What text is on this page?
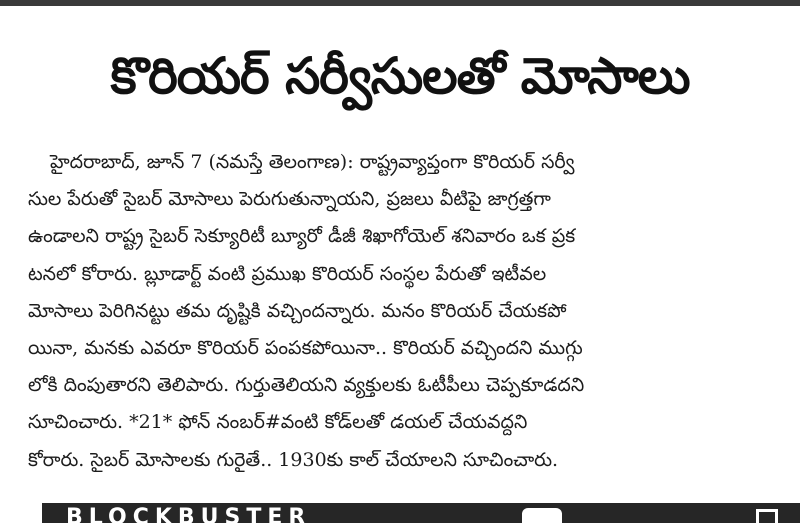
కొరియర్ సర్వీసులతో మోసాలు
హైదరాబాద్, జూన్ 7 (నమస్తే తెలంగాణ): రాష్ట్రవ్యాప్తంగా కొరియర్ సర్వీ
సుల పేరుతో సైబర్ మోసాలు పెరుగుతున్నాయని, ప్రజలు వీటిపై జాగ్రత్తగా
ఉండాలని రాష్ట్ర సైబర్ సెక్యూరిటీ బ్యూరో డీజీ శిఖాగోయెల్ శనివారం ఒక ప్రక
టనలో కోరారు. బ్లూడార్ట్ వంటి ప్రముఖ కొరియర్ సంస్థల పేరుతో ఇటీవల
మోసాలు పెరిగినట్టు తమ దృష్టికి వచ్చిందన్నారు. మనం కొరియర్ చేయకపో
యినా, మనకు ఎవరూ కొరియర్ పంపకపోయినా.. కొరియర్ వచ్చిందని ముగ్గు
లోకి దింపుతారని తెలిపారు. గుర్తుతెలియని వ్యక్తులకు ఓటీపీలు చెప్పకూడదని
సూచించారు. *21* ఫోన్ నంబర్#వంటి కోడ్‌లతో డయల్ చేయవద్దని
కోరారు. సైబర్ మోసాలకు గురైతే.. 1930కు కాల్ చేయాలని సూచించారు.
BLOCKBUSTER
